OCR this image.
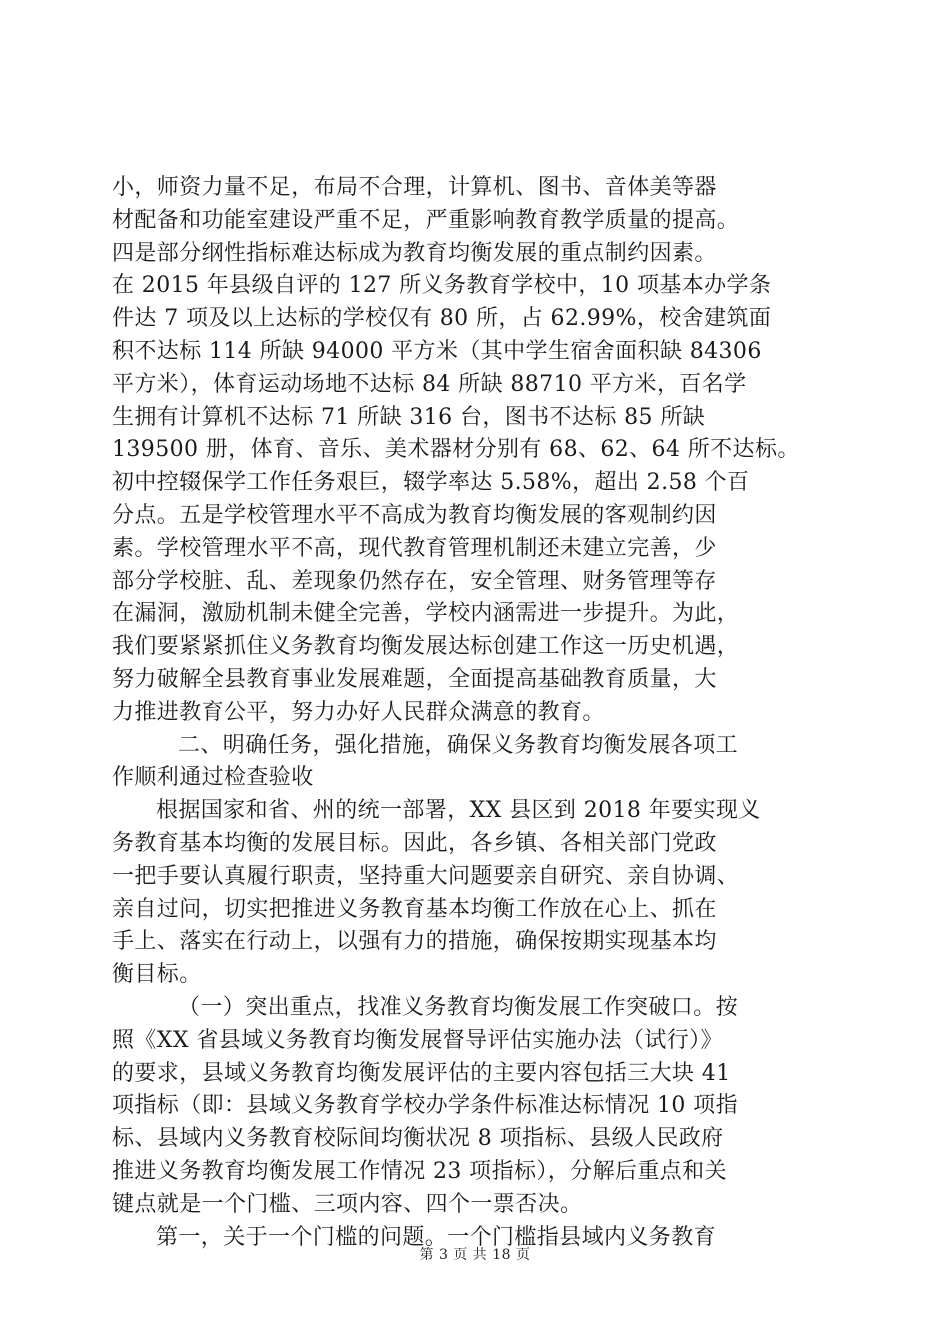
小，师资力量不足，布局不合理，计算机、图书、音体美等器
材配备和功能室建设严重不足，严重影响教育教学质量的提高。
四是部分纲性指标难达标成为教育均衡发展的重点制约因素。
在 2015 年县级自评的 127 所义务教育学校中，10 项基本办学条
件达 7 项及以上达标的学校仅有 80 所，占 62.99%，校舍建筑面
积不达标 114 所缺 94000 平方米（其中学生宿舍面积缺 84306
平方米），体育运动场地不达标 84 所缺 88710 平方米，百名学
生拥有计算机不达标 71 所缺 316 台，图书不达标 85 所缺
139500 册，体育、音乐、美术器材分别有 68、62、64 所不达标。
初中控辍保学工作任务艰巨，辍学率达 5.58%，超出 2.58 个百
分点。五是学校管理水平不高成为教育均衡发展的客观制约因
素。学校管理水平不高，现代教育管理机制还未建立完善，少
部分学校脏、乱、差现象仍然存在，安全管理、财务管理等存
在漏洞，激励机制未健全完善，学校内涵需进一步提升。为此，
我们要紧紧抓住义务教育均衡发展达标创建工作这一历史机遇，
努力破解全县教育事业发展难题，全面提高基础教育质量，大
力推进教育公平，努力办好人民群众满意的教育。

二、明确任务，强化措施，确保义务教育均衡发展各项工
作顺利通过检查验收

根据国家和省、州的统一部署，XX 县区到 2018 年要实现义
务教育基本均衡的发展目标。因此，各乡镇、各相关部门党政
一把手要认真履行职责，坚持重大问题要亲自研究、亲自协调、
亲自过问，切实把推进义务教育基本均衡工作放在心上、抓在
手上、落实在行动上，以强有力的措施，确保按期实现基本均
衡目标。

（一）突出重点，找准义务教育均衡发展工作突破口。按
照《XX 省县域义务教育均衡发展督导评估实施办法（试行）》
的要求，县域义务教育均衡发展评估的主要内容包括三大块 41
项指标（即：县域义务教育学校办学条件标准达标情况 10 项指
标、县域内义务教育校际间均衡状况 8 项指标、县级人民政府
推进义务教育均衡发展工作情况 23 项指标），分解后重点和关
键点就是一个门槛、三项内容、四个一票否决。

第一，关于一个门槛的问题。一个门槛指县域内义务教育

第 3 页 共 18 页
